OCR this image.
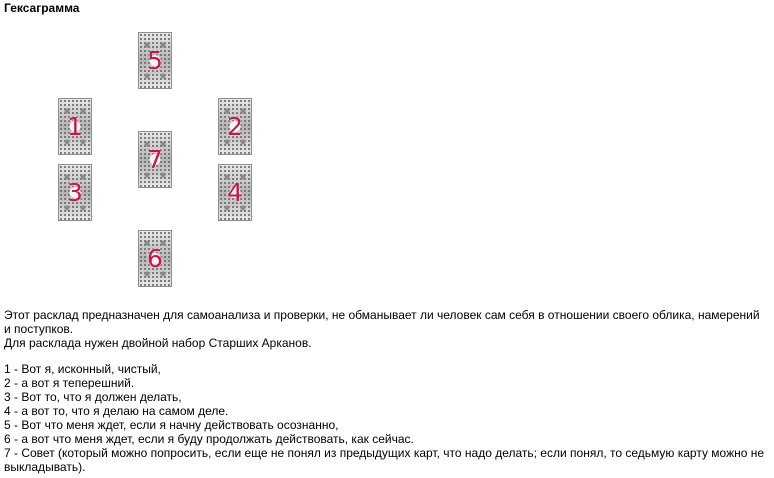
Гексаграмма
5
1	2
7
3	4
6

Этот расклад предназначен для самоанализа и проверки, не обманывает ли человек сам себя в отношении своего облика, намерений и поступков.

Для расклада нужен двойной набор Старших Арканов.

1 - Вот я, исконный, чистый,
2 - а вот я теперешний.
3 - Вот то, что я должен делать,
4 - а вот то, что я делаю на самом деле.
5 - Вот что меня ждет, если я начну действовать осознанно,
6 - а вот что меня ждет, если я буду продолжать действовать, как сейчас.
7 - Совет (который можно попросить, если еще не понял из предыдущих карт, что надо делать; если понял, то седьмую карту можно не выкладывать).
